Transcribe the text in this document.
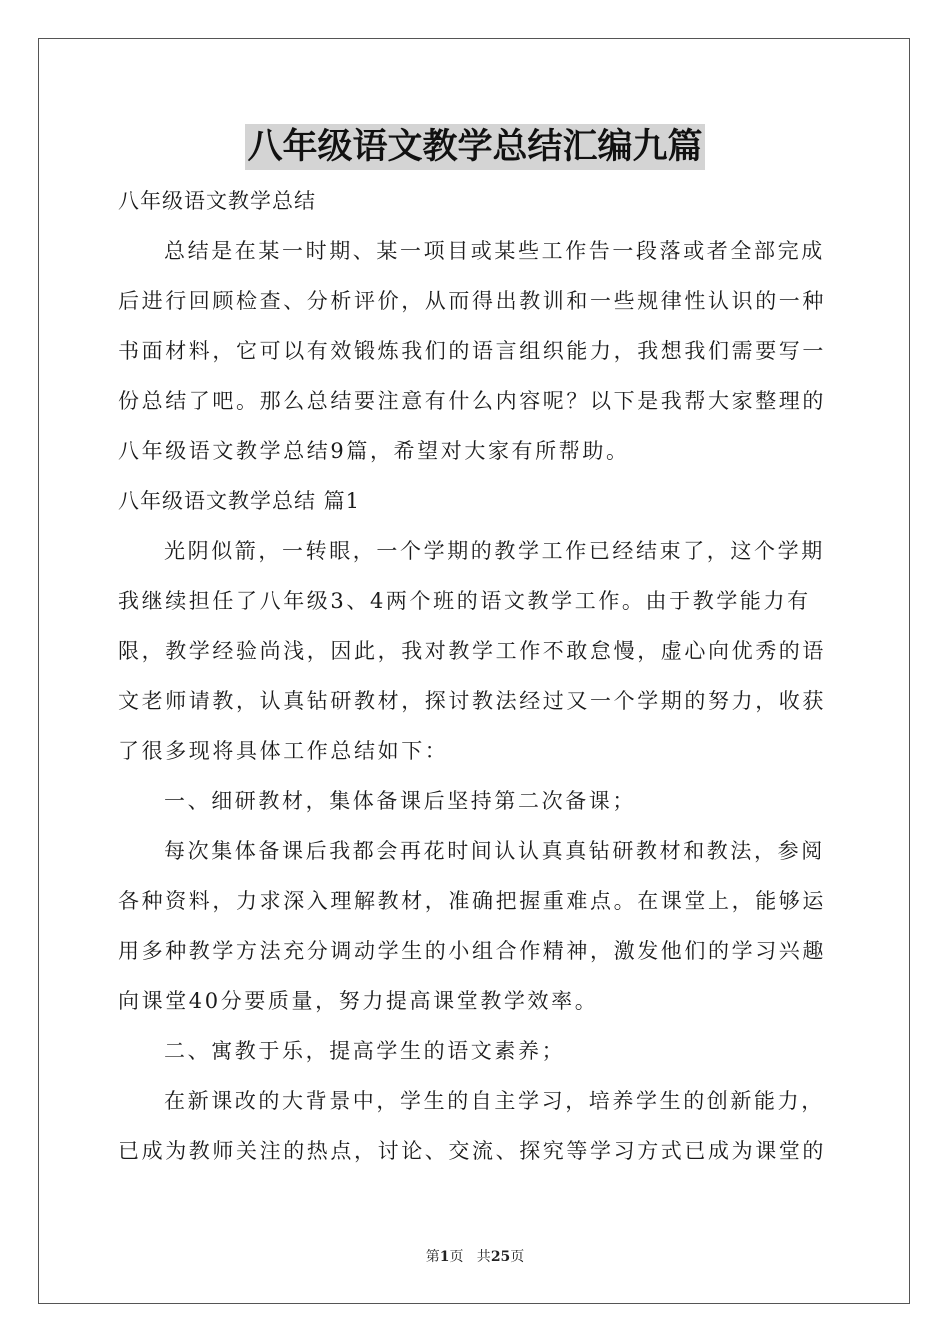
八年级语文教学总结汇编九篇
八年级语文教学总结
总结是在某一时期、某一项目或某些工作告一段落或者全部完成
后进行回顾检查、分析评价，从而得出教训和一些规律性认识的一种
书面材料，它可以有效锻炼我们的语言组织能力，我想我们需要写一
份总结了吧。那么总结要注意有什么内容呢？以下是我帮大家整理的
八年级语文教学总结9篇，希望对大家有所帮助。
八年级语文教学总结 篇1
光阴似箭，一转眼，一个学期的教学工作已经结束了，这个学期
我继续担任了八年级3、4两个班的语文教学工作。由于教学能力有
限，教学经验尚浅，因此，我对教学工作不敢怠慢，虚心向优秀的语
文老师请教，认真钻研教材，探讨教法经过又一个学期的努力，收获
了很多现将具体工作总结如下：
一、细研教材，集体备课后坚持第二次备课；
每次集体备课后我都会再花时间认认真真钻研教材和教法，参阅
各种资料，力求深入理解教材，准确把握重难点。在课堂上，能够运
用多种教学方法充分调动学生的小组合作精神，激发他们的学习兴趣
向课堂40分要质量，努力提高课堂教学效率。
二、寓教于乐，提高学生的语文素养；
在新课改的大背景中，学生的自主学习，培养学生的创新能力，
已成为教师关注的热点，讨论、交流、探究等学习方式已成为课堂的
第1页   共25页
